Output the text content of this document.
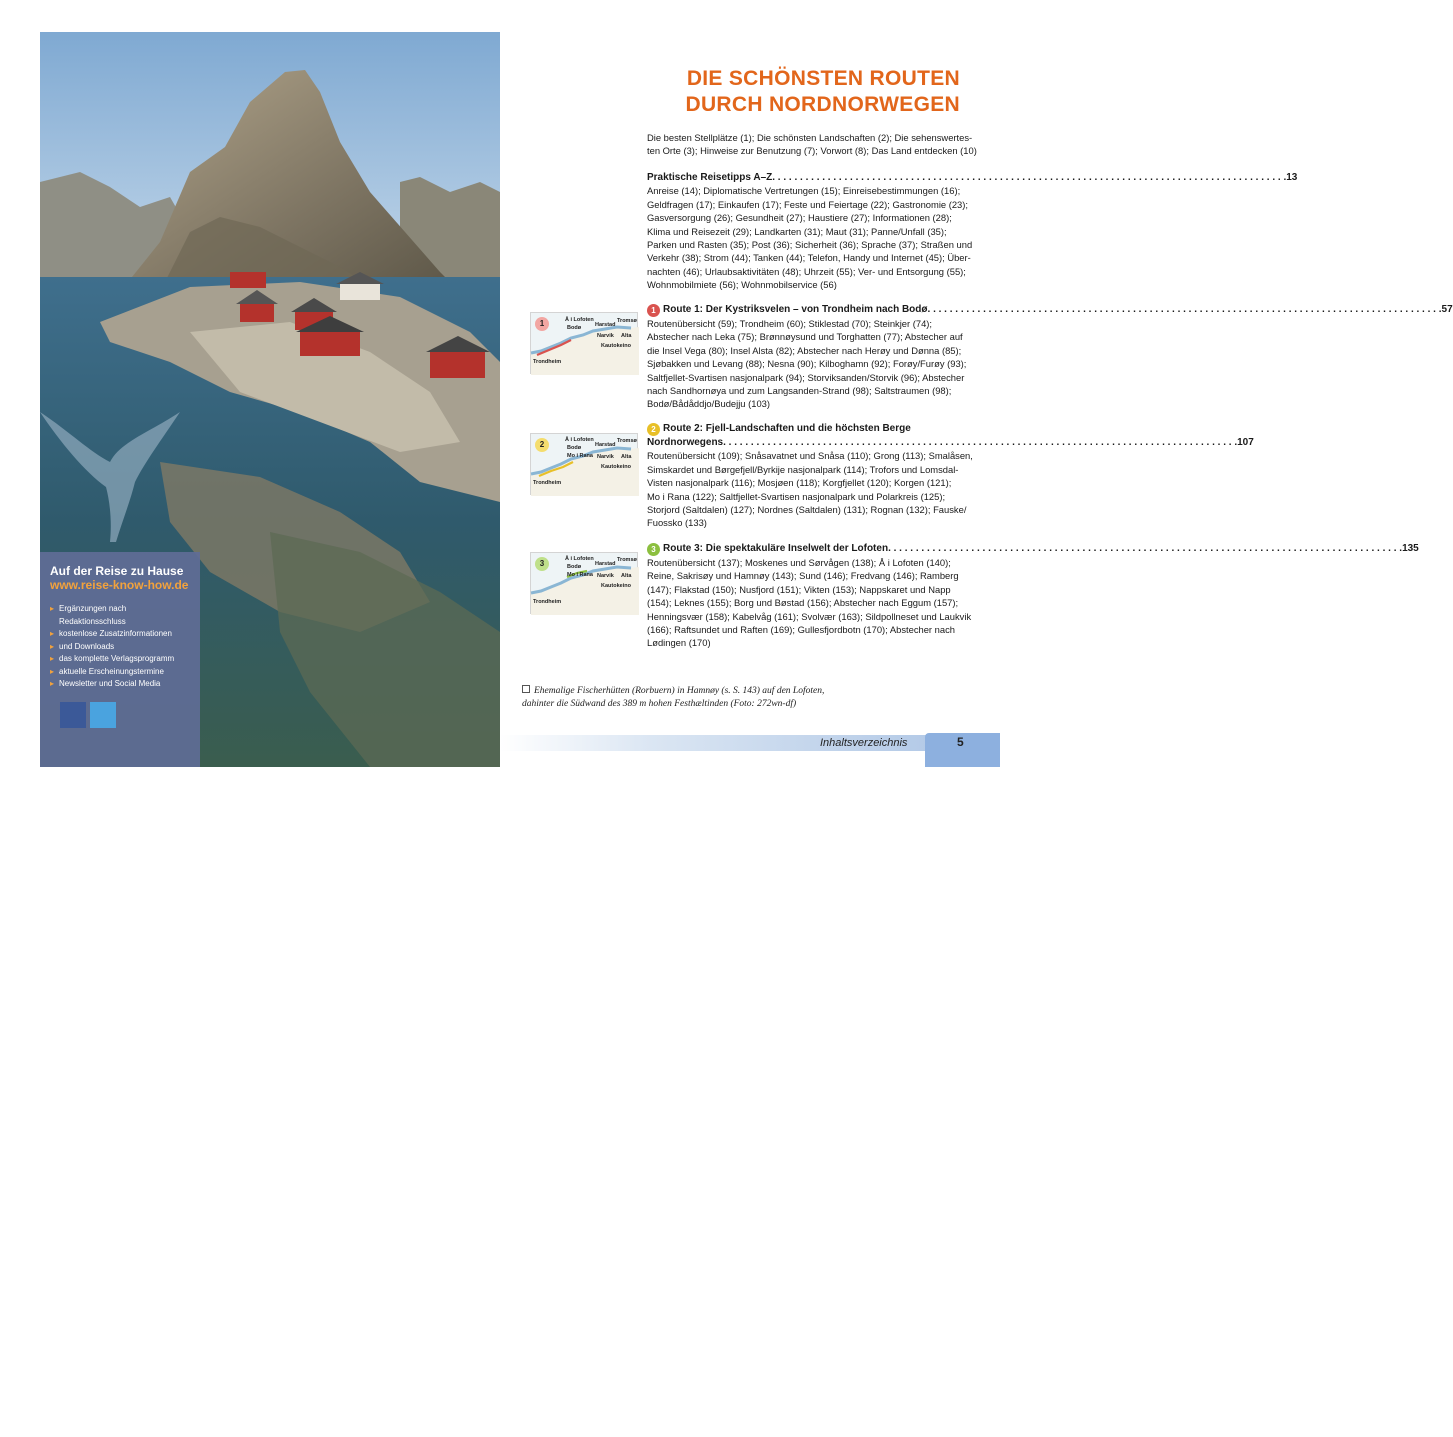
Auf der Reise zu Hause
www.reise-know-how.de
▸ Ergänzungen nach Redaktionsschluss
▸ kostenlose Zusatzinformationen
▸ und Downloads
▸ das komplette Verlagsprogramm
▸ aktuelle Erscheinungstermine
▸ Newsletter und Social Media
DIE SCHÖNSTEN ROUTEN
DURCH NORDNORWEGEN
Die besten Stellplätze (1); Die schönsten Landschaften (2); Die sehenswertes-
ten Orte (3); Hinweise zur Benutzung (7); Vorwort (8); Das Land entdecken (10)
Praktische Reisetipps A–Z . . .	13
Anreise (14); Diplomatische Vertretungen (15); Einreisebestimmungen (16);
Geldfragen (17); Einkaufen (17); Feste und Feiertage (22); Gastronomie (23);
Gasversorgung (26); Gesundheit (27); Haustiere (27); Informationen (28);
Klima und Reisezeit (29); Landkarten (31); Maut (31); Panne/Unfall (35);
Parken und Rasten (35); Post (36); Sicherheit (36); Sprache (37); Straßen und
Verkehr (38); Strom (44); Tanken (44); Telefon, Handy und Internet (45); Über-
nachten (46); Urlaubsaktivitäten (48); Uhrzeit (55); Ver- und Entsorgung (55);
Wohnmobilmiete (56); Wohnmobilservice (56)
1 Route 1: Der Kystriksvelen – von Trondheim nach Bodø . . .	57
Routenübersicht (59); Trondheim (60); Stiklestad (70); Steinkjer (74);
Abstecher nach Leka (75); Brønnøysund und Torghatten (77); Abstecher auf
die Insel Vega (80); Insel Alsta (82); Abstecher nach Herøy und Dønna (85);
Sjøbakken und Levang (88); Nesna (90); Kilboghamn (92); Forøy/Furøy (93);
Saltfjellet-Svartisen nasjonalpark (94); Storviksanden/Storvik (96); Abstecher
nach Sandhornøya und zum Langsanden-Strand (98); Saltstraumen (98);
Bodø/Bådåddjo/Budejju (103)
2 Route 2: Fjell-Landschaften und die höchsten Berge
Nordnorwegens . . .	107
Routenübersicht (109); Snåsavatnet und Snåsa (110); Grong (113); Smalåsen,
Simskardet und Børgefjell/Byrkije nasjonalpark (114); Trofors und Lomsdal-
Visten nasjonalpark (116); Mosjøen (118); Korgfjellet (120); Korgen (121);
Mo i Rana (122); Saltfjellet-Svartisen nasjonalpark und Polarkreis (125);
Storjord (Saltdalen) (127); Nordnes (Saltdalen) (131); Rognan (132); Fauske/
Fuossko (133)
3 Route 3: Die spektakuläre Inselwelt der Lofoten . . .	135
Routenübersicht (137); Moskenes und Sørvågen (138); Å i Lofoten (140);
Reine, Sakrisøy und Hamnøy (143); Sund (146); Fredvang (146); Ramberg
(147); Flakstad (150); Nusfjord (151); Vikten (153); Nappskaret und Napp
(154); Leknes (155); Borg und Bøstad (156); Abstecher nach Eggum (157);
Henningsvær (158); Kabelvåg (161); Svolvær (163); Sildpollneset und Laukvik
(166); Raftsundet und Raften (169); Gullesfjordbotn (170); Abstecher nach
Lødingen (170)
1	Å i Lofoten
Bodø	Harstad
Tromsø
Narvik Alta
Kautokeino
Trondheim
2	Å i Lofoten
Bodø
Mo i Rana
Harstad
Tromsø
Narvik Alta
Kautokeino
Trondheim
3	Å i Lofoten
Bodø
Mo i Rana
Harstad
Tromsø
Narvik Alta
Kautokeino
Trondheim
Ehemalige Fischerhütten (Rorbuern) in Hamnøy (s. S. 143) auf den Lofoten,
dahinter die Südwand des 389 m hohen Festhæltinden (Foto: 272wn-df)
Inhaltsverzeichnis	5
